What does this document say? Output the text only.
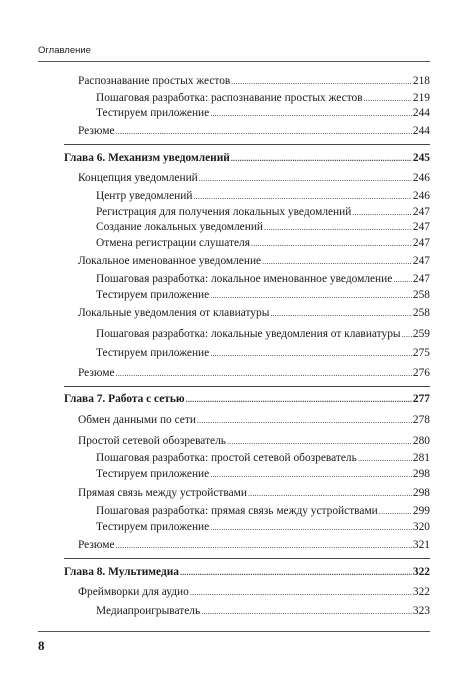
Оглавление
Распознавание простых жестов .....	218
Пошаговая разработка: распознавание простых жестов .....	219
Тестируем приложение .....	244
Резюме .....	244
Глава 6. Механизм уведомлений .....	245
Концепция уведомлений .....	246
Центр уведомлений .....	246
Регистрация для получения локальных уведомлений .....	247
Создание локальных уведомлений .....	247
Отмена регистрации слушателя .....	247
Локальное именованное уведомление .....	247
Пошаговая разработка: локальное именованное уведомление ..... 247
Тестируем приложение .....	258
Локальные уведомления от клавиатуры .....	258
Пошаговая разработка: локальные уведомления от клавиатуры ..... 259
Тестируем приложение .....	275
Резюме .....	276
Глава 7. Работа с сетью .....	277
Обмен данными по сети .....	278
Простой сетевой обозреватель .....	280
Пошаговая разработка: простой сетевой обозреватель .....	281
Тестируем приложение .....	298
Прямая связь между устройствами .....	298
Пошаговая разработка: прямая связь между устройствами .....	299
Тестируем приложение .....	320
Резюме .....	321
Глава 8. Мультимедиа .....	322
Фреймворки для аудио .....	322
Медиапроигрыватель .....	323
8
